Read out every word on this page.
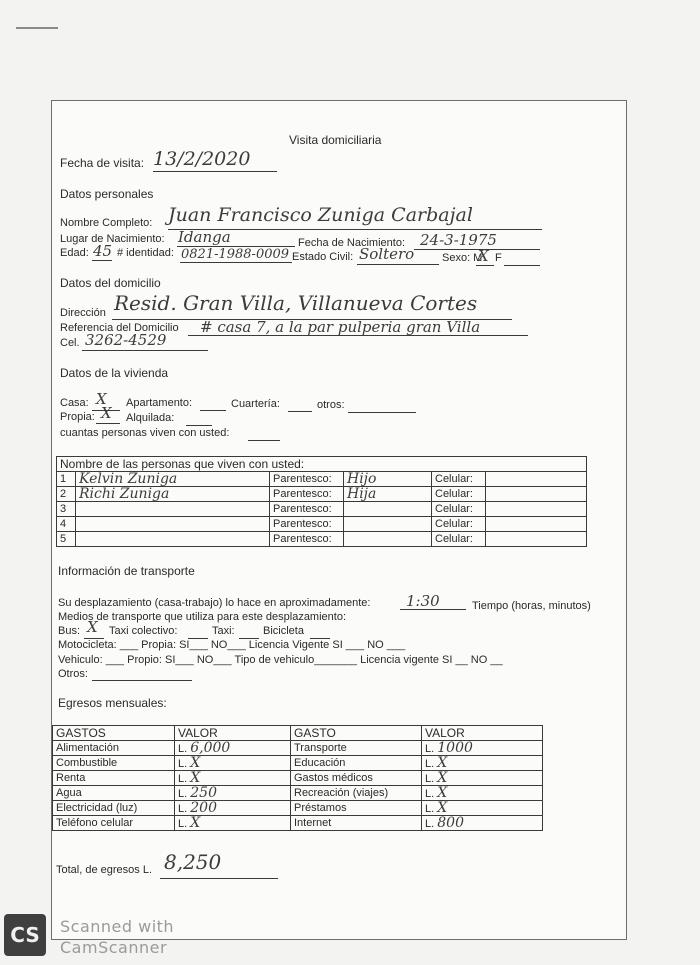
Visita domiciliaria
Fecha de visita: 13/2/2020
Datos personales
Nombre Completo: Juan Francisco Zuniga Carbajal
Lugar de Nacimiento: Idanga	Fecha de Nacimiento: 24-3-1975
Edad: 45 # identidad: 0821-1988-0009 Estado Civil: Soltero	Sexo: M
X F
Datos del domicilio
Dirección Resid. Gran Villa, Villanueva Cortes
Referencia del Domicilio # casa 7, a la par pulperia gran Villa
Cel. 3262-4529
Datos de la vivienda
Casa: X Apartamento:	Cuartería:	otros:
Propia: X Alquilada:
cuantas personas viven con usted:
Nombre de las personas que viven con usted:					
1	Kelvin Zuniga	Parentesco:	Hijo	Celular:	
2	Richi Zuniga	Parentesco:	Hija	Celular:	
3		Parentesco:		Celular:	
4		Parentesco:		Celular:	
5		Parentesco:		Celular:	
Información de transporte
Su desplazamiento (casa-trabajo) lo hace en aproximadamente: 1:30	Tiempo (horas, minutos)
Medios de transporte que utiliza para este desplazamiento:
Bus: X Taxi colectivo:	Taxi:	Bicicleta
Motocicleta: ___ Propia: SI___ NO___ Licencia Vigente SI ___ NO ___
Vehiculo: ___ Propio: SI___ NO___ Tipo de vehiculo_______ Licencia vigente SI __ NO __
Otros:
Egresos mensuales:
GASTOS	VALOR	GASTO	VALOR
Alimentación	L. 6,000	Transporte	L. 1000
Combustible	L. X	Educación	L. X
Renta	L. X	Gastos médicos	L. X
Agua	L. 250	Recreación (viajes)	L. X
Electricidad (luz)	L. 200	Préstamos	L. X
Teléfono celular	L. X	Internet	L. 800
Total, de egresos L. 8,250
CS Scanned with
CamScanner
